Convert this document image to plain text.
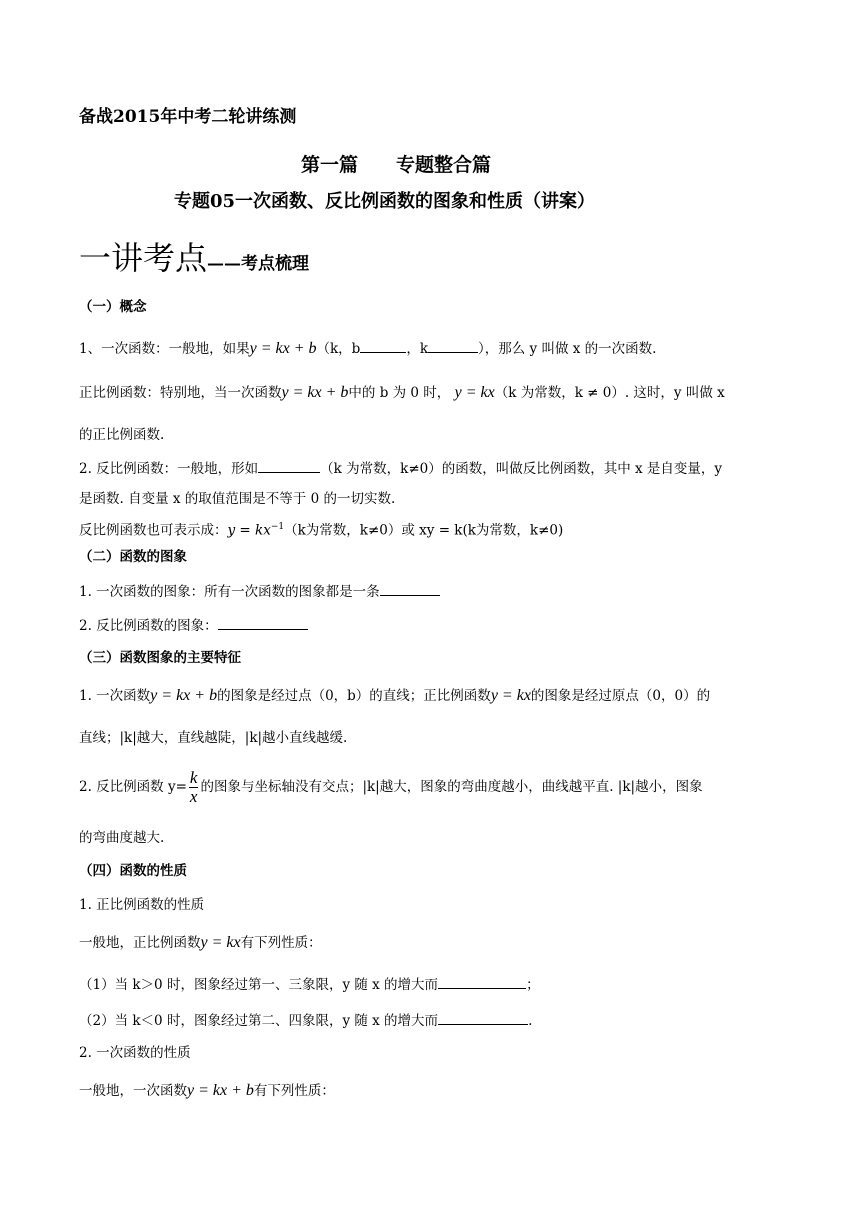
备战2015年中考二轮讲练测
第一篇 专题整合篇
专题05一次函数、反比例函数的图象和性质（讲案）
一讲考点——考点梳理
（一）概念
1、一次函数：一般地，如果y = kx + b（k，b	，k	），那么 y 叫做 x 的一次函数.
正比例函数：特别地，当一次函数y = kx + b中的 b 为 0 时， y = kx（k 为常数，k ≠ 0）. 这时，y 叫做 x
的正比例函数.
2. 反比例函数：一般地，形如	（k 为常数，k≠0）的函数，叫做反比例函数，其中 x 是自变量，y
是函数. 自变量 x 的取值范围是不等于 0 的一切实数.
反比例函数也可表示成：$y = kx^{-1}(k$为常数，k≠0）或 xy = k(k为常数，k≠0)
（二）函数的图象
1. 一次函数的图象：所有一次函数的图象都是一条
2. 反比例函数的图象：
（三）函数图象的主要特征
1. 一次函数y = kx + b的图象是经过点（0，b）的直线；正比例函数y = kx的图象是经过原点（0，0）的
直线；|k|越大，直线越陡，|k|越小直线越缓.
2. 反比例函数 $y= \frac{k}{x}$ 的图象与坐标轴没有交点；|k|越大，图象的弯曲度越小，曲线越平直. |k|越小，图象
的弯曲度越大.
（四）函数的性质
1. 正比例函数的性质
一般地，正比例函数y = kx有下列性质：
（1）当 k＞0 时，图象经过第一、三象限，y 随 x 的增大而	；
（2）当 k＜0 时，图象经过第二、四象限，y 随 x 的增大而	.
2. 一次函数的性质
一般地，一次函数y = kx + b有下列性质：
